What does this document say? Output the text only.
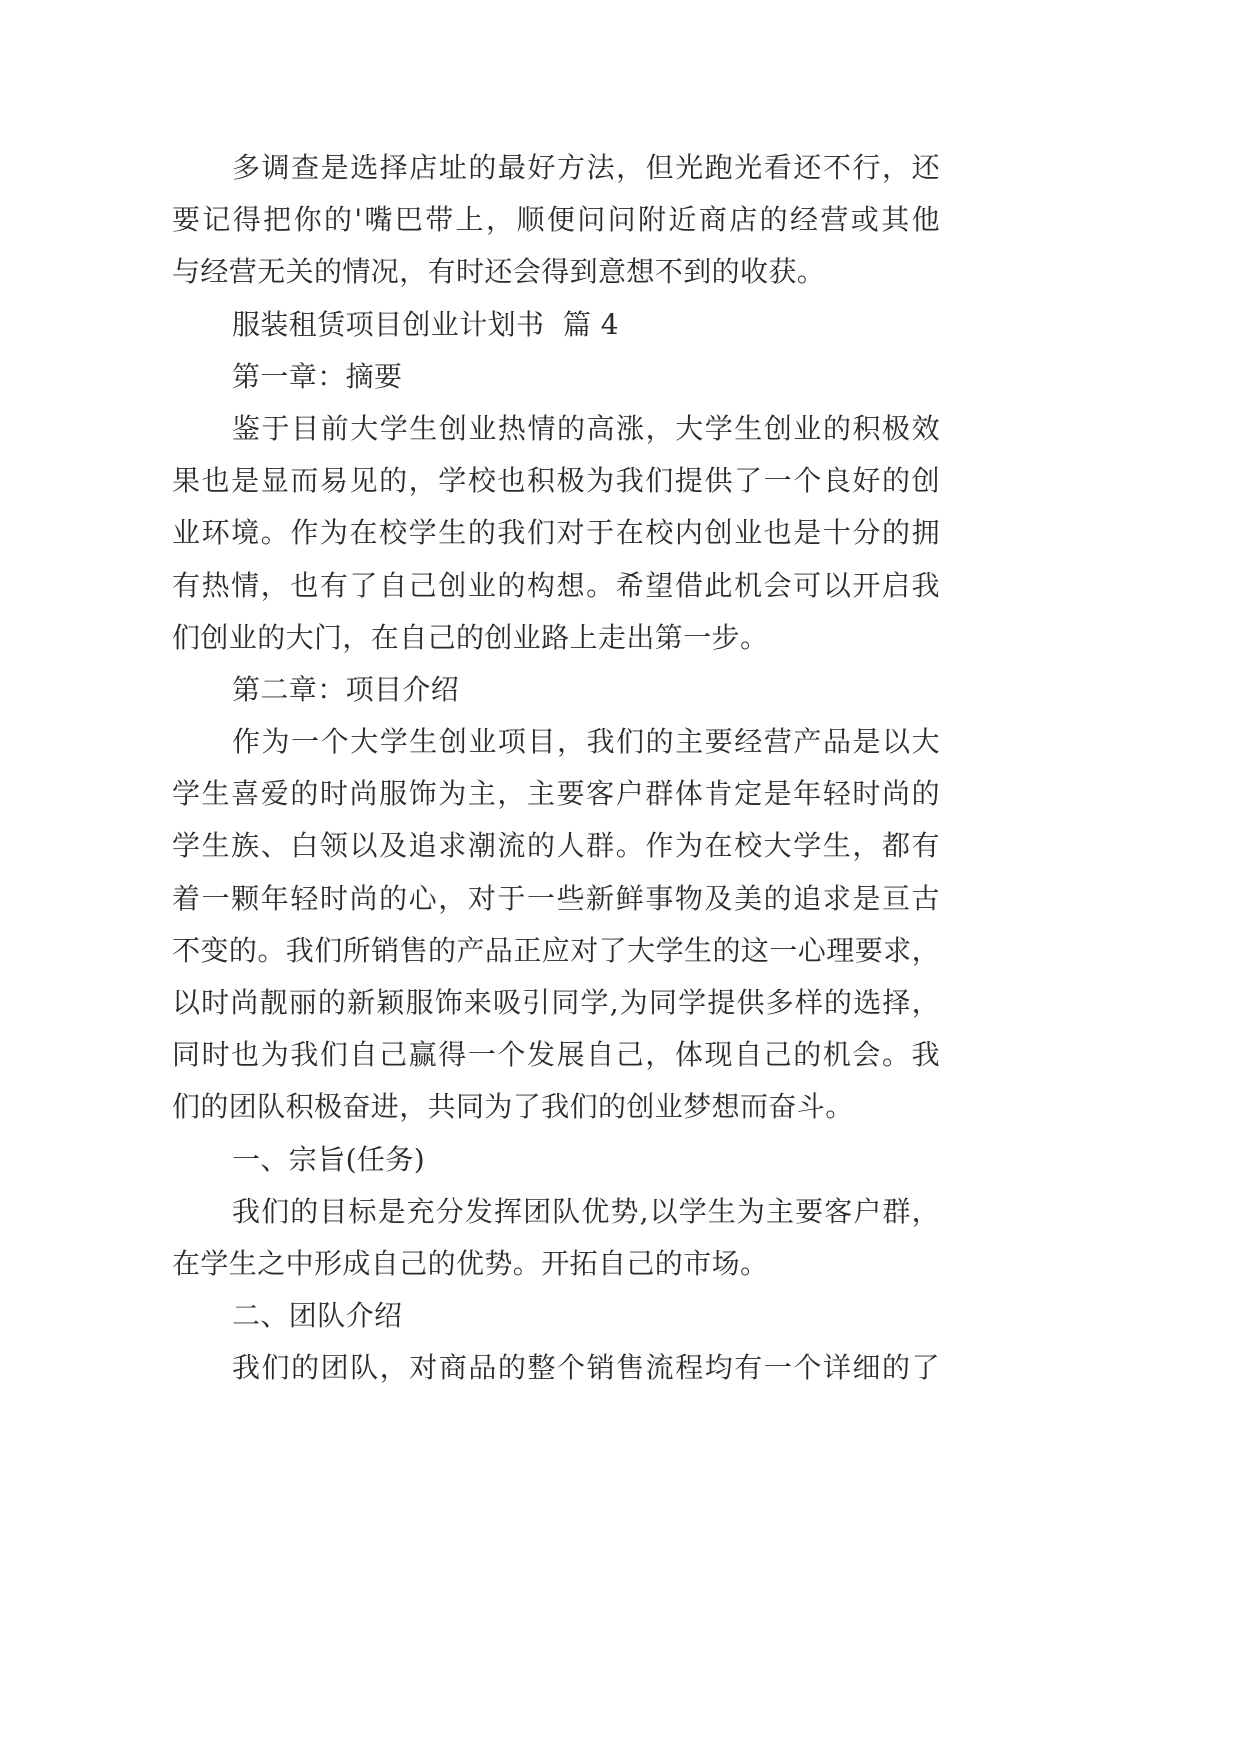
多调查是选择店址的最好方法，但光跑光看还不行，还
要记得把你的'嘴巴带上，顺便问问附近商店的经营或其他
与经营无关的情况，有时还会得到意想不到的收获。
服装租赁项目创业计划书  篇 4
第一章：摘要
鉴于目前大学生创业热情的高涨，大学生创业的积极效
果也是显而易见的，学校也积极为我们提供了一个良好的创
业环境。作为在校学生的我们对于在校内创业也是十分的拥
有热情，也有了自己创业的构想。希望借此机会可以开启我
们创业的大门，在自己的创业路上走出第一步。
第二章：项目介绍
作为一个大学生创业项目，我们的主要经营产品是以大
学生喜爱的时尚服饰为主，主要客户群体肯定是年轻时尚的
学生族、白领以及追求潮流的人群。作为在校大学生，都有
着一颗年轻时尚的心，对于一些新鲜事物及美的追求是亘古
不变的。我们所销售的产品正应对了大学生的这一心理要求，
以时尚靓丽的新颖服饰来吸引同学,为同学提供多样的选择，
同时也为我们自己赢得一个发展自己，体现自己的机会。我
们的团队积极奋进，共同为了我们的创业梦想而奋斗。
一、宗旨(任务)
我们的目标是充分发挥团队优势,以学生为主要客户群，
在学生之中形成自己的优势。开拓自己的市场。
二、团队介绍
我们的团队，对商品的整个销售流程均有一个详细的了
